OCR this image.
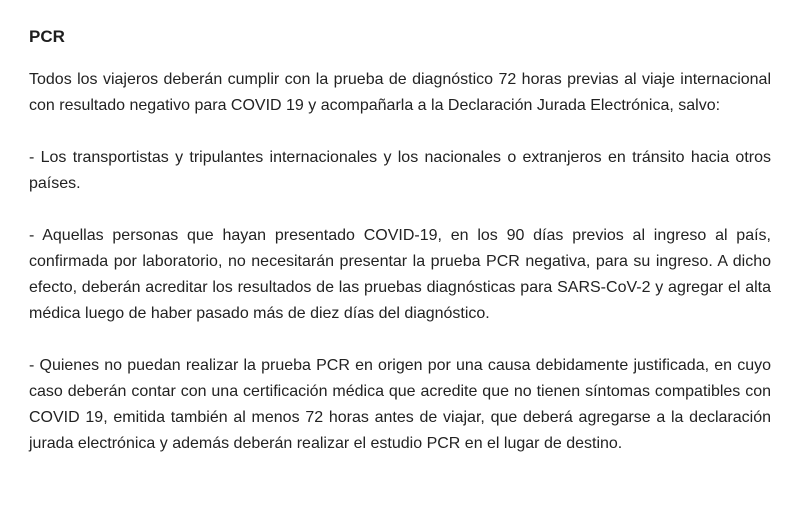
PCR

Todos los viajeros deberán cumplir con la prueba de diagnóstico 72 horas previas al viaje internacional con resultado negativo para COVID 19 y acompañarla a la Declaración Jurada Electrónica, salvo:

- Los transportistas y tripulantes internacionales y los nacionales o extranjeros en tránsito hacia otros países.

- Aquellas personas que hayan presentado COVID-19, en los 90 días previos al ingreso al país, confirmada por laboratorio, no necesitarán presentar la prueba PCR negativa, para su ingreso. A dicho efecto, deberán acreditar los resultados de las pruebas diagnósticas para SARS-CoV-2 y agregar el alta médica luego de haber pasado más de diez días del diagnóstico.

- Quienes no puedan realizar la prueba PCR en origen por una causa debidamente justificada, en cuyo caso deberán contar con una certificación médica que acredite que no tienen síntomas compatibles con COVID 19, emitida también al menos 72 horas antes de viajar, que deberá agregarse a la declaración jurada electrónica y además deberán realizar el estudio PCR en el lugar de destino.
